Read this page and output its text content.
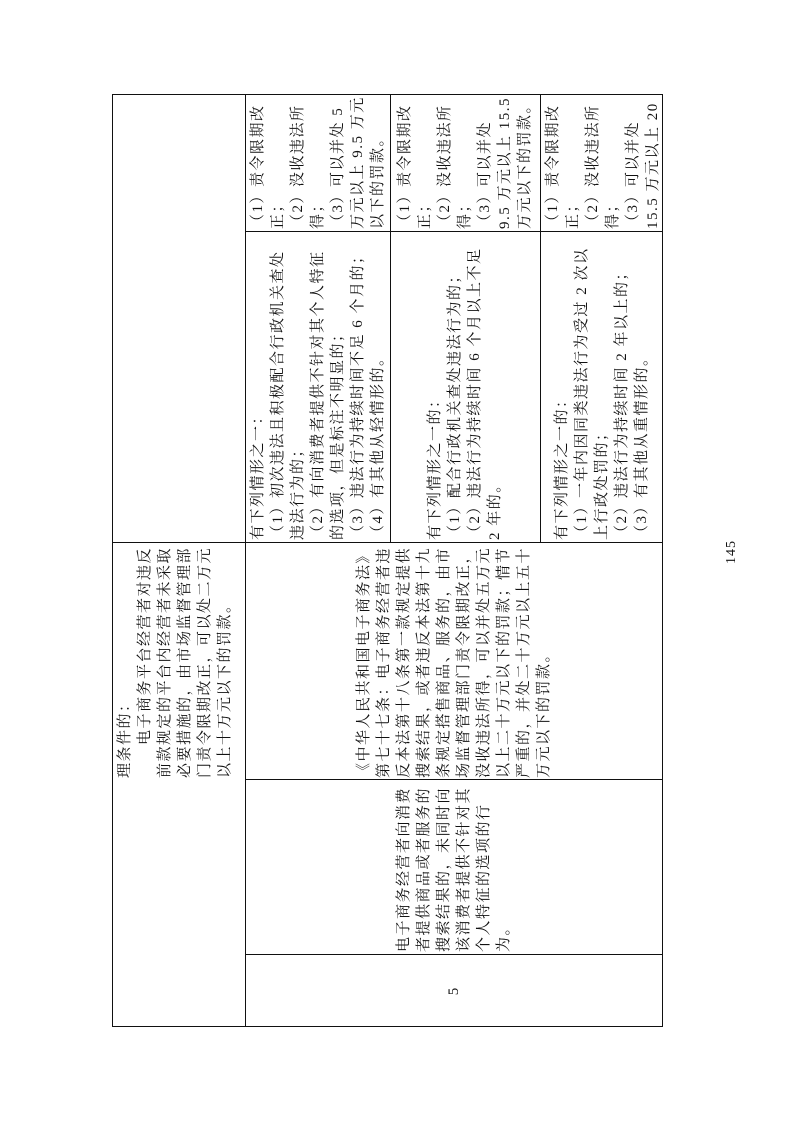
理条件的： 　　电子商务平台经营者对违反前款规定的平台内经营者未采取必要措施的，由市场监督管理部门责令限期改正，可以处二万元以上十万元以下的罚款。
5
电子商务经营者向消费者提供商品或者服务的搜索结果的，未同时向该消费者提供不针对其个人特征的选项的行为。
《中华人民共和国电子商务法》第七十七条：电子商务经营者违反本法第十八条第一款规定提供搜索结果，或者违反本法第十九条规定搭售商品、服务的，由市场监督管理部门责令限期改正，没收违法所得，可以并处五万元以上二十万元以下的罚款；情节严重的，并处二十万元以上五十万元以下的罚款。
有下列情形之一： （1）初次违法且积极配合行政机关查处违法行为的； （2）有向消费者提供不针对其个人特征的选项，但是标注不明显的； （3）违法行为持续时间不足 6 个月的； （4）有其他从轻情形的。
（1）责令限期改正； （2）没收违法所得； （3）可以并处 5 万元以上 9.5 万元以下的罚款。
有下列情形之一的： （1）配合行政机关查处违法行为的； （2）违法行为持续时间 6 个月以上不足 2 年的。
（1）责令限期改正； （2）没收违法所得； （3）可以并处 9.5 万元以上 15.5 万元以下的罚款。
有下列情形之一的： （1）一年内因同类违法行为受过 2 次以上行政处罚的； （2）违法行为持续时间 2 年以上的； （3）有其他从重情形的。
（1）责令限期改正； （2）没收违法所得； （3）可以并处 15.5 万元以上 20
145
